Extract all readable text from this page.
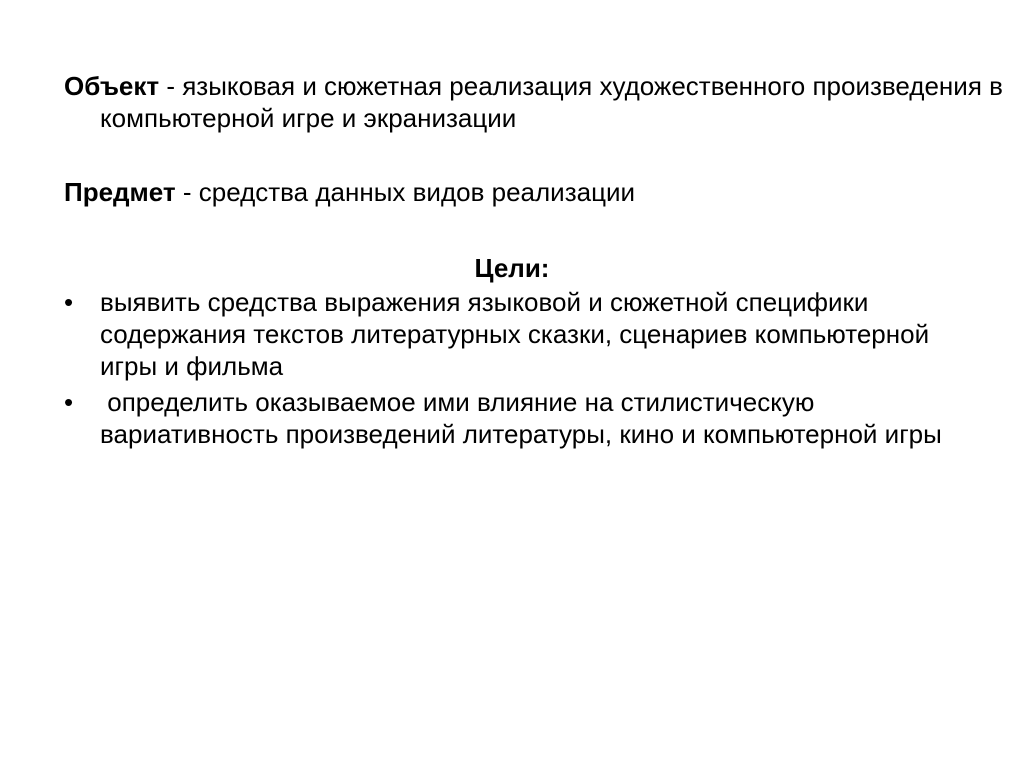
Объект - языковая и сюжетная реализация художественного произведения в компьютерной игре и экранизации
Предмет - средства данных видов реализации
Цели:
• выявить средства выражения языковой и сюжетной специфики содержания текстов литературных сказки, сценариев компьютерной игры и фильма
• определить оказываемое ими влияние на стилистическую вариативность произведений литературы, кино и компьютерной игры
